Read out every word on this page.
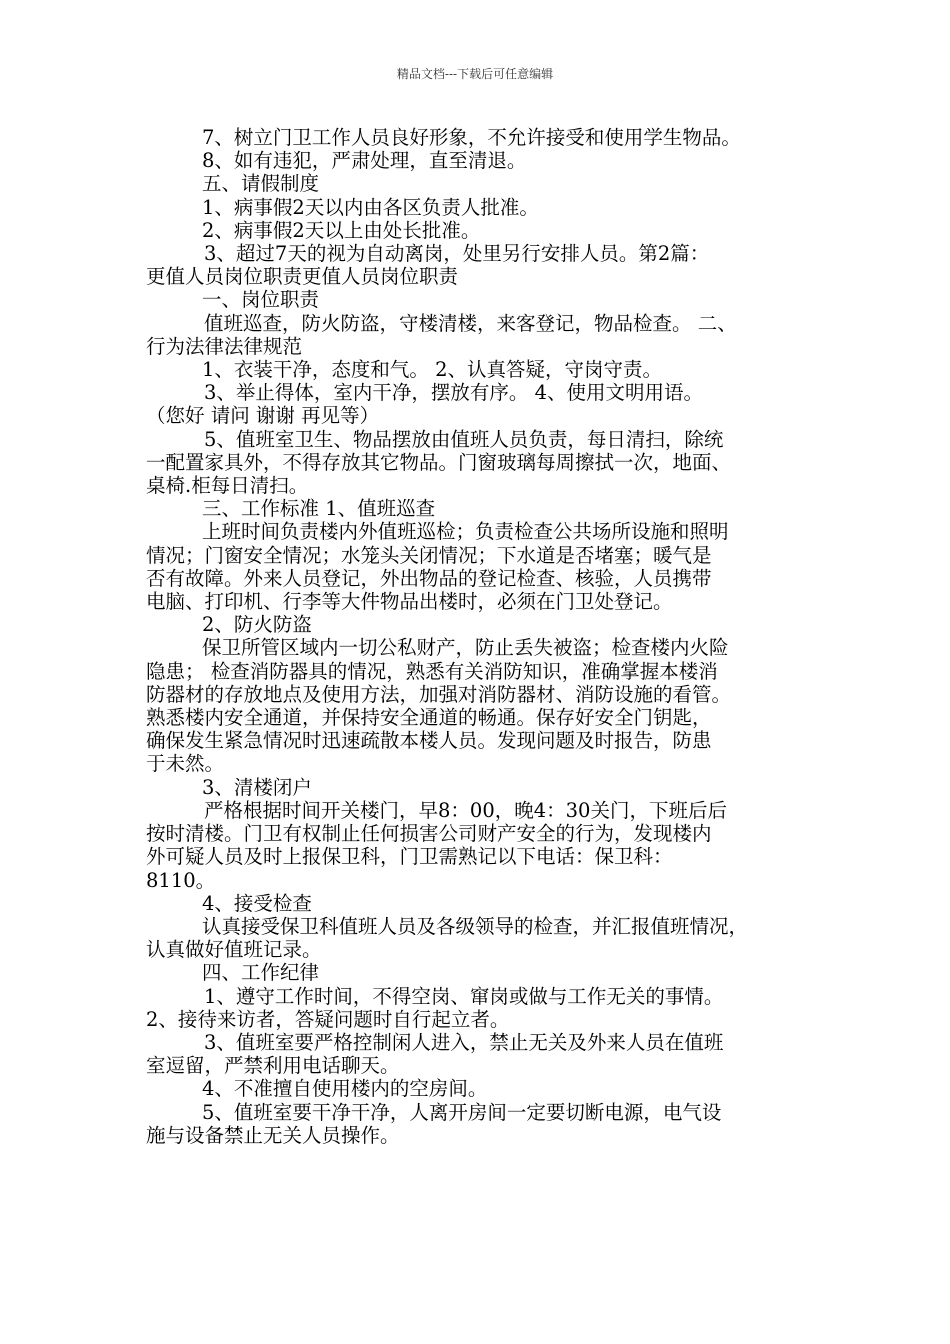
精品文档---下载后可任意编辑

7、树立门卫工作人员良好形象，不允许接受和使用学生物品。

8、如有违犯，严肃处理，直至清退。

五、请假制度

1、病事假2天以内由各区负责人批准。

2、病事假2天以上由处长批准。

3、超过7天的视为自动离岗，处里另行安排人员。第2篇：

更值人员岗位职责更值人员岗位职责

一、岗位职责

值班巡查，防火防盗，守楼清楼，来客登记，物品检查。 二、

行为法律法律规范

1、衣装干净，态度和气。 2、认真答疑，守岗守责。

3、举止得体，室内干净，摆放有序。 4、使用文明用语。

（您好 请问 谢谢 再见等）

5、值班室卫生、物品摆放由值班人员负责，每日清扫，除统

一配置家具外，不得存放其它物品。门窗玻璃每周擦拭一次，地面、

桌椅.柜每日清扫。

三、工作标准 1、值班巡查

上班时间负责楼内外值班巡检；负责检查公共场所设施和照明

情况；门窗安全情况；水笼头关闭情况；下水道是否堵塞；暖气是

否有故障。外来人员登记，外出物品的登记检查、核验，人员携带

电脑、打印机、行李等大件物品出楼时，必须在门卫处登记。

2、防火防盗

保卫所管区域内一切公私财产，防止丢失被盗；检查楼内火险

隐患； 检查消防器具的情况，熟悉有关消防知识，准确掌握本楼消

防器材的存放地点及使用方法，加强对消防器材、消防设施的看管。

熟悉楼内安全通道，并保持安全通道的畅通。保存好安全门钥匙，

确保发生紧急情况时迅速疏散本楼人员。发现问题及时报告，防患

于未然。

3、清楼闭户

严格根据时间开关楼门，早8：00，晚4：30关门，下班后后

按时清楼。门卫有权制止任何损害公司财产安全的行为，发现楼内

外可疑人员及时上报保卫科，门卫需熟记以下电话：保卫科：

8110。

4、接受检查

认真接受保卫科值班人员及各级领导的检查，并汇报值班情况，

认真做好值班记录。

四、工作纪律

1、遵守工作时间，不得空岗、窜岗或做与工作无关的事情。

2、接待来访者，答疑问题时自行起立者。

3、值班室要严格控制闲人进入，禁止无关及外来人员在值班

室逗留，严禁利用电话聊天。

4、不准擅自使用楼内的空房间。

5、值班室要干净干净，人离开房间一定要切断电源，电气设

施与设备禁止无关人员操作。
